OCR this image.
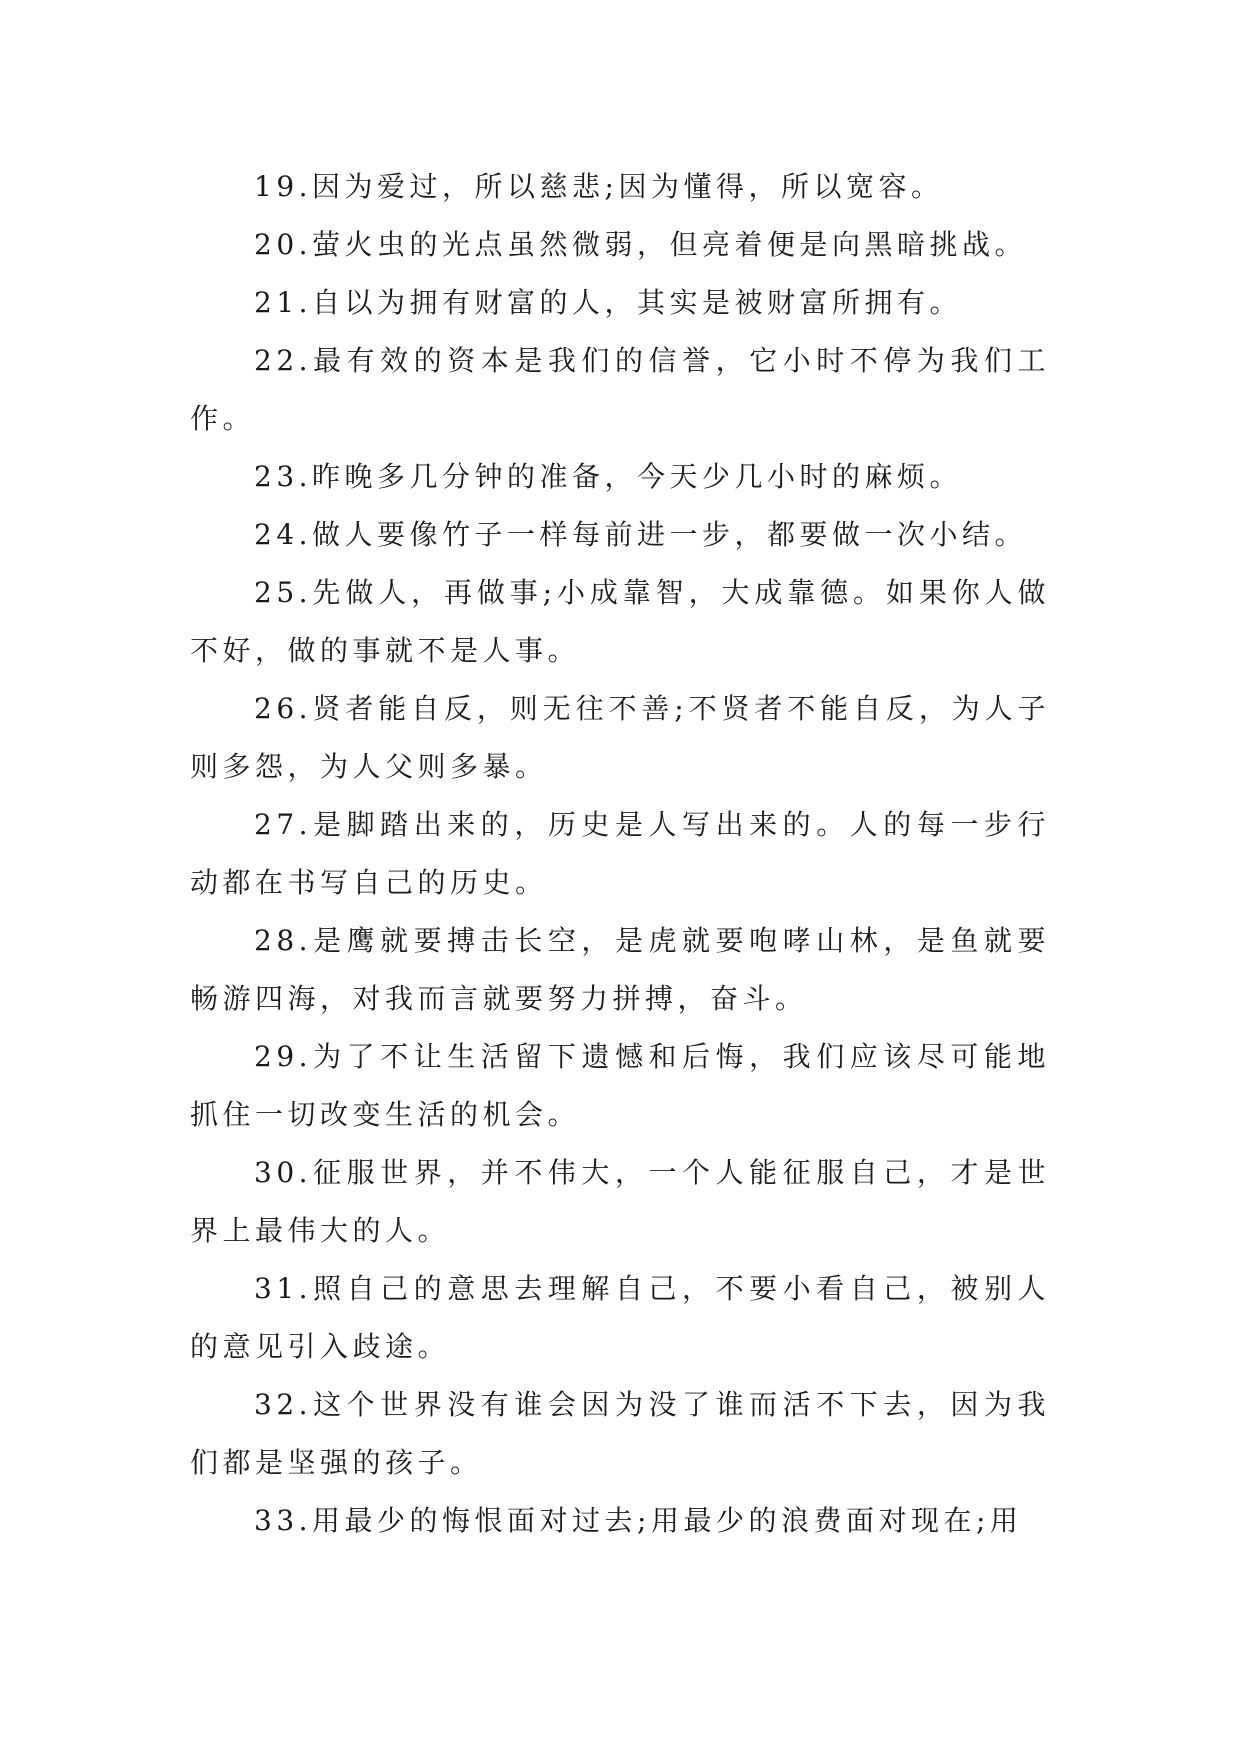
19.因为爱过，所以慈悲;因为懂得，所以宽容。

20.萤火虫的光点虽然微弱，但亮着便是向黑暗挑战。

21.自以为拥有财富的人，其实是被财富所拥有。

22.最有效的资本是我们的信誉，它小时不停为我们工作。

23.昨晚多几分钟的准备，今天少几小时的麻烦。

24.做人要像竹子一样每前进一步，都要做一次小结。

25.先做人，再做事;小成靠智，大成靠德。如果你人做不好，做的事就不是人事。

26.贤者能自反，则无往不善;不贤者不能自反，为人子则多怨，为人父则多暴。

27.是脚踏出来的，历史是人写出来的。人的每一步行动都在书写自己的历史。

28.是鹰就要搏击长空，是虎就要咆哮山林，是鱼就要畅游四海，对我而言就要努力拼搏，奋斗。

29.为了不让生活留下遗憾和后悔，我们应该尽可能地抓住一切改变生活的机会。

30.征服世界，并不伟大，一个人能征服自己，才是世界上最伟大的人。

31.照自己的意思去理解自己，不要小看自己，被别人的意见引入歧途。

32.这个世界没有谁会因为没了谁而活不下去，因为我们都是坚强的孩子。

33.用最少的悔恨面对过去;用最少的浪费面对现在;用
